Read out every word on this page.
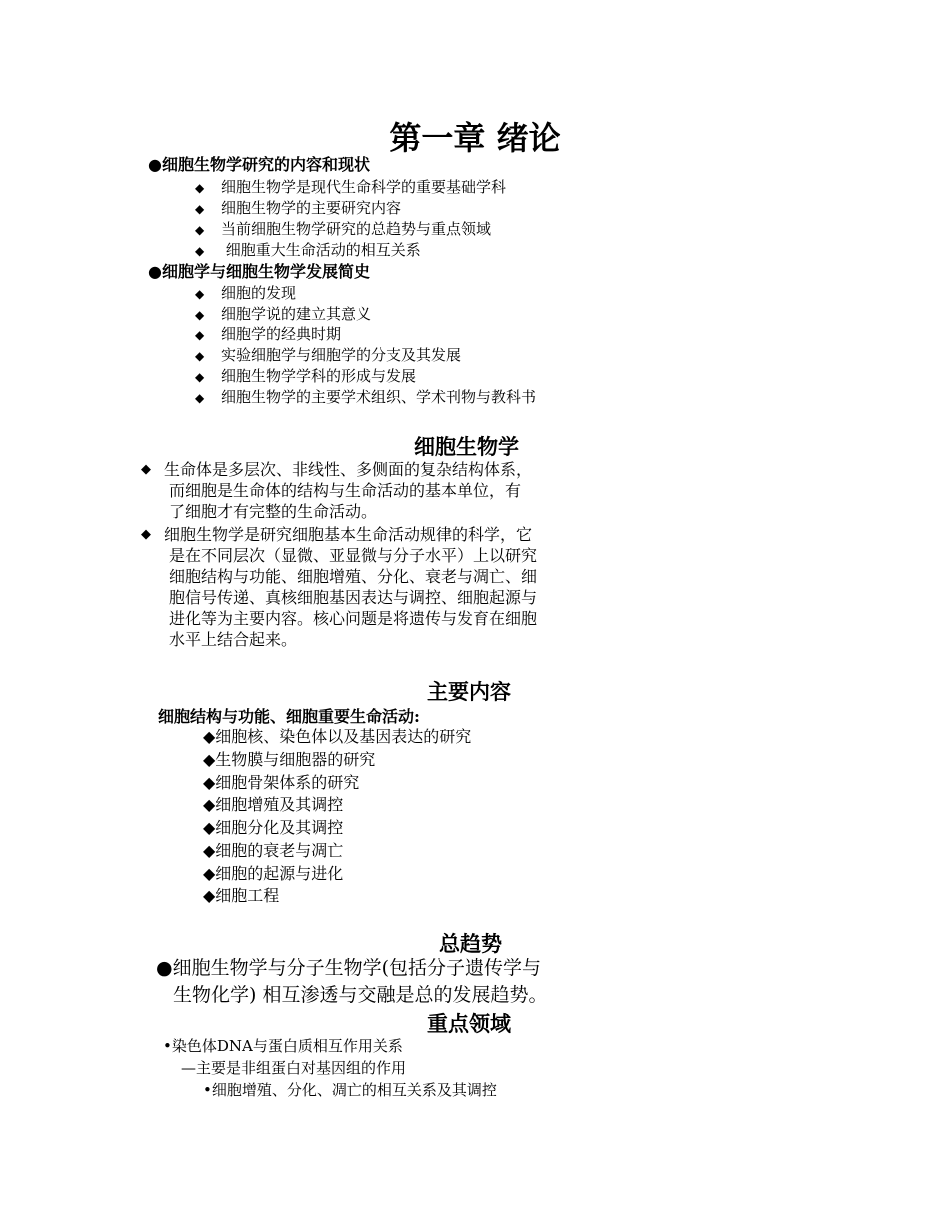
第一章 绪论
●细胞生物学研究的内容和现状
◆ 细胞生物学是现代生命科学的重要基础学科
◆ 细胞生物学的主要研究内容
◆ 当前细胞生物学研究的总趋势与重点领域
◆ 细胞重大生命活动的相互关系
●细胞学与细胞生物学发展简史
◆ 细胞的发现
◆ 细胞学说的建立其意义
◆ 细胞学的经典时期
◆ 实验细胞学与细胞学的分支及其发展
◆ 细胞生物学学科的形成与发展
◆ 细胞生物学的主要学术组织、学术刊物与教科书
细胞生物学
◆ 生命体是多层次、非线性、多侧面的复杂结构体系，
而细胞是生命体的结构与生命活动的基本单位，有
了细胞才有完整的生命活动。
◆ 细胞生物学是研究细胞基本生命活动规律的科学，它
是在不同层次（显微、亚显微与分子水平）上以研究
细胞结构与功能、细胞增殖、分化、衰老与凋亡、细
胞信号传递、真核细胞基因表达与调控、细胞起源与
进化等为主要内容。核心问题是将遗传与发育在细胞
水平上结合起来。
主要内容
细胞结构与功能、细胞重要生命活动:
◆细胞核、染色体以及基因表达的研究
◆生物膜与细胞器的研究
◆细胞骨架体系的研究
◆细胞增殖及其调控
◆细胞分化及其调控
◆细胞的衰老与凋亡
◆细胞的起源与进化
◆细胞工程
总趋势
●细胞生物学与分子生物学(包括分子遗传学与
生物化学) 相互渗透与交融是总的发展趋势。
重点领域
•染色体DNA与蛋白质相互作用关系
—主要是非组蛋白对基因组的作用
•细胞增殖、分化、凋亡的相互关系及其调控
